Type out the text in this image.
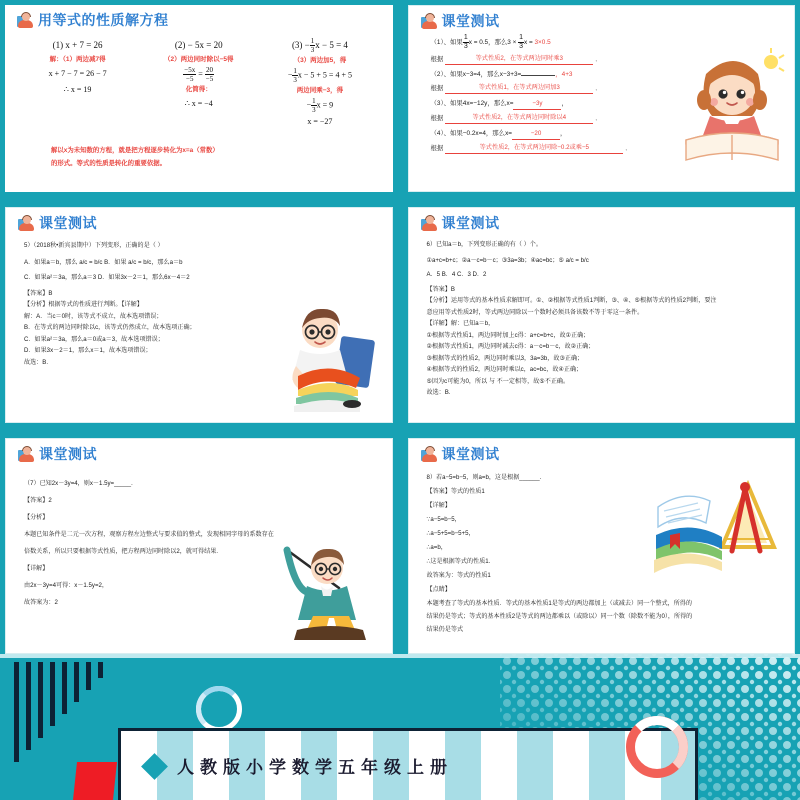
用等式的性质解方程
(1) x + 7 = 26
解：（1）两边减7得
x + 7 − 7 = 26 − 7
∴ x = 19
(2) − 5x = 20
（2）两边同时除以−5得
$\frac{-5x}{-5} = \frac{20}{-5}$
化简得：
∴ x = −4
$(3) - \frac{1}{3}$ x − 5 = 4
（3）两边加5，得
− $\frac{1}{3}$ x − 5 + 5 = 4 + 5
两边同乘−3，得
− $\frac{1}{3}$ x = 9
x = −27
解以x为未知数的方程，就是把方程逐步转化为x=a（常数）
的形式。等式的性质是转化的重要依据。
课堂测试
（1）、如果 $\frac{1}{3}$ x = 0.5，那么$3 \times \frac{1}{3}$ x = 3×0.5
根据	等式性质2，在等式两边同时乘3	．
（2）、如果x−3=4，那么x−3+3=	，4+3
根据	等式性质1，在等式两边同加3	．
（3）、如果4x=−12y，那么x=	−3y	，
根据	等式性质2，在等式两边同时除以4	．
（4）、如果−0.2x=4，那么x=	−20	，
根据	等式性质2，在等式两边同除−0.2或乘−5	．
课堂测试
5）（2018秋•新宾县期中）下列变形，正确的是（ ）
A．如果a＝b，那么 a/c = b/c B．如果 a/c = b/c，那么a＝b
C．如果a²＝3a，那么a＝3 D．如果3x－2＝1，那么6x－4＝2
【答案】B
【分析】根据等式的性质进行判断。【详解】
解：A．当c＝0时，该等式不成立，故本选项错误；
B．在等式的两边同时除以c，该等式仍然成立，故本选项正确；
C．如果a²＝3a，那么a＝0或a＝3，故本选项错误；
D．如果3x－2＝1，那么x＝1，故本选项错误；
故选：B.
课堂测试
6）已知a＝b，下列变形正确的有（ ）个。
①a+c=b+c；②a－c=b－c；③3a=3b；④ac=bc；⑤ a/c = b/c
A．5 B．4 C．3 D．2
【答案】B
【分析】运用等式的基本性质求解即可。①、②根据等式性质1判断，③、④、⑤根据等式的性质2判断，要注
意应用等式性质2时，等式两边同除以一个数时必须具备该数不等于零这一条件。
【详解】解：已知a＝b，
①根据等式性质1，两边同时加上c得：a+c=b+c，故①正确；
②根据等式性质1，两边同时减去c得：a－c=b－c，故②正确；
③根据等式的性质2，两边同时乘以3，3a=3b，故③正确；
④根据等式的性质2，两边同时乘以c，ac=bc，故④正确；
⑤因为c可能为0，所以 与 不一定相等，故⑤不正确。
故选：B.
课堂测试
（7）已知2x－3y=4，则x－1.5y=_____．
【答案】2
【分析】
本题已知条件是二元一次方程，观察方程左边整式与要求值的整式，发现相同字母的系数存在
倍数关系，所以只要根据等式性质，把方程两边同时除以2，就可得结果．
【详解】
由2x－3y=4可得：x－1.5y=2，
故答案为：2
课堂测试
8）若a−5=b−5，则a=b，这是根据______．
【答案】等式的性质1
【详解】
∵a−5=b−5，
∴a−5+5=b−5+5，
∴a=b，
∴这是根据等式的性质1．
故答案为：等式的性质1
【点睛】
本题考查了等式的基本性质．等式的基本性质1是等式的两边都加上（或减去）同一个整式，所得的
结果仍是等式；等式的基本性质2是等式的两边都乘以（或除以）同一个数（除数不能为0），所得的
结果仍是等式
人教版小学数学五年级上册
